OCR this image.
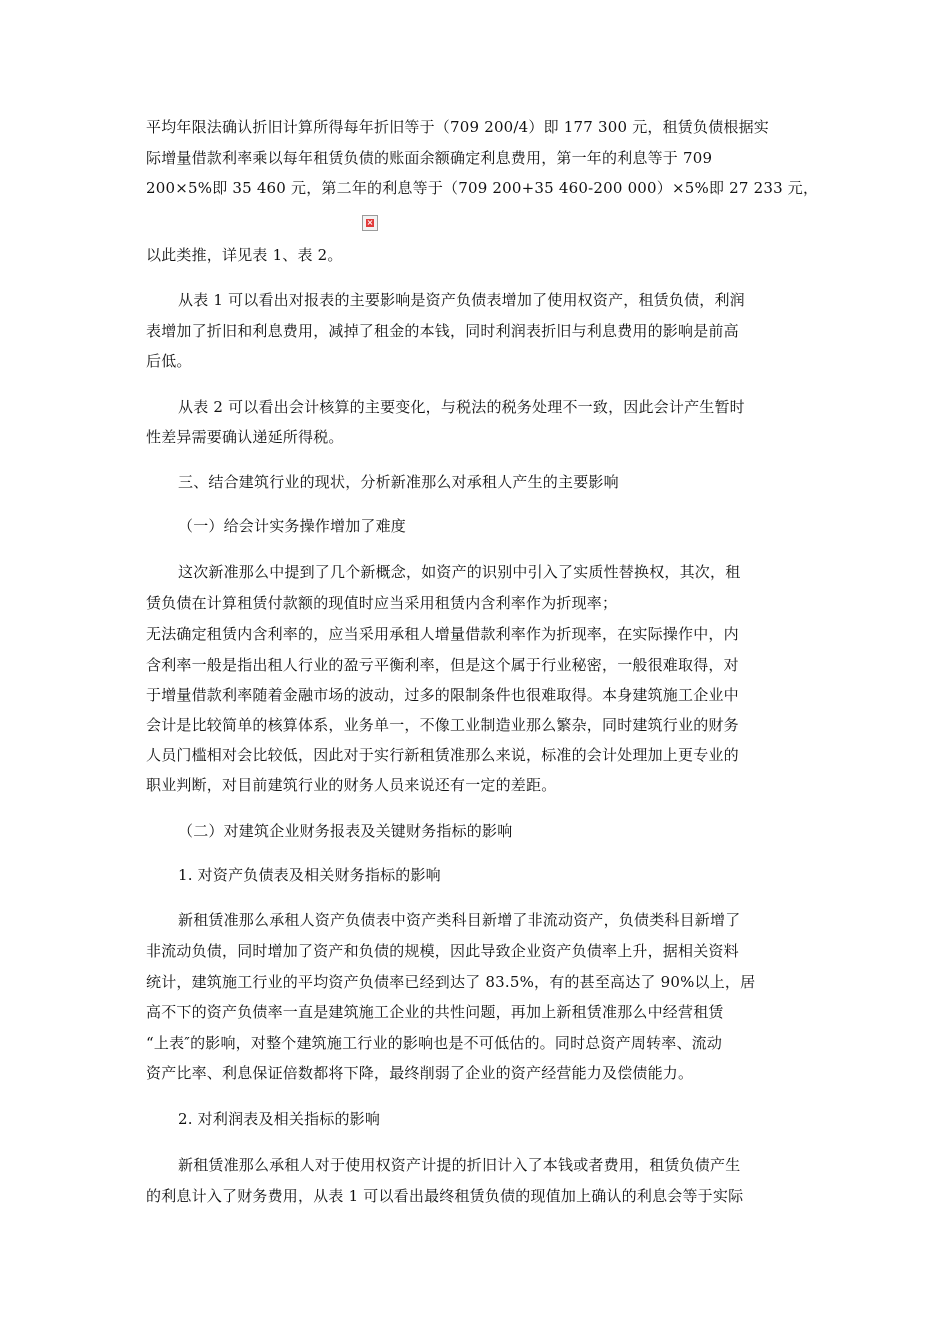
平均年限法确认折旧计算所得每年折旧等于（709 200/4）即 177 300 元，租赁负债根据实
际增量借款利率乘以每年租赁负债的账面余额确定利息费用，第一年的利息等于 709
200×5%即 35 460 元，第二年的利息等于（709 200+35 460-200 000）×5%即 27 233 元，
×
以此类推，详见表 1、表 2。
从表 1 可以看出对报表的主要影响是资产负债表增加了使用权资产，租赁负债，利润
表增加了折旧和利息费用，减掉了租金的本钱，同时利润表折旧与利息费用的影响是前高
后低。
从表 2 可以看出会计核算的主要变化，与税法的税务处理不一致，因此会计产生暂时
性差异需要确认递延所得税。
三、结合建筑行业的现状，分析新准那么对承租人产生的主要影响
（一）给会计实务操作增加了难度
这次新准那么中提到了几个新概念，如资产的识别中引入了实质性替换权，其次，租
赁负债在计算租赁付款额的现值时应当采用租赁内含利率作为折现率；
无法确定租赁内含利率的，应当采用承租人增量借款利率作为折现率，在实际操作中，内
含利率一般是指出租人行业的盈亏平衡利率，但是这个属于行业秘密，一般很难取得，对
于增量借款利率随着金融市场的波动，过多的限制条件也很难取得。本身建筑施工企业中
会计是比较简单的核算体系，业务单一，不像工业制造业那么繁杂，同时建筑行业的财务
人员门槛相对会比较低，因此对于实行新租赁准那么来说，标准的会计处理加上更专业的
职业判断，对目前建筑行业的财务人员来说还有一定的差距。
（二）对建筑企业财务报表及关键财务指标的影响
1. 对资产负债表及相关财务指标的影响
新租赁准那么承租人资产负债表中资产类科目新增了非流动资产，负债类科目新增了
非流动负债，同时增加了资产和负债的规模，因此导致企业资产负债率上升，据相关资料
统计，建筑施工行业的平均资产负债率已经到达了 83.5%，有的甚至高达了 90%以上，居
高不下的资产负债率一直是建筑施工企业的共性问题，再加上新租赁准那么中经营租赁
“上表″的影响，对整个建筑施工行业的影响也是不可低估的。同时总资产周转率、流动
资产比率、利息保证倍数都将下降，最终削弱了企业的资产经营能力及偿债能力。
2. 对利润表及相关指标的影响
新租赁准那么承租人对于使用权资产计提的折旧计入了本钱或者费用，租赁负债产生
的利息计入了财务费用，从表 1 可以看出最终租赁负债的现值加上确认的利息会等于实际
